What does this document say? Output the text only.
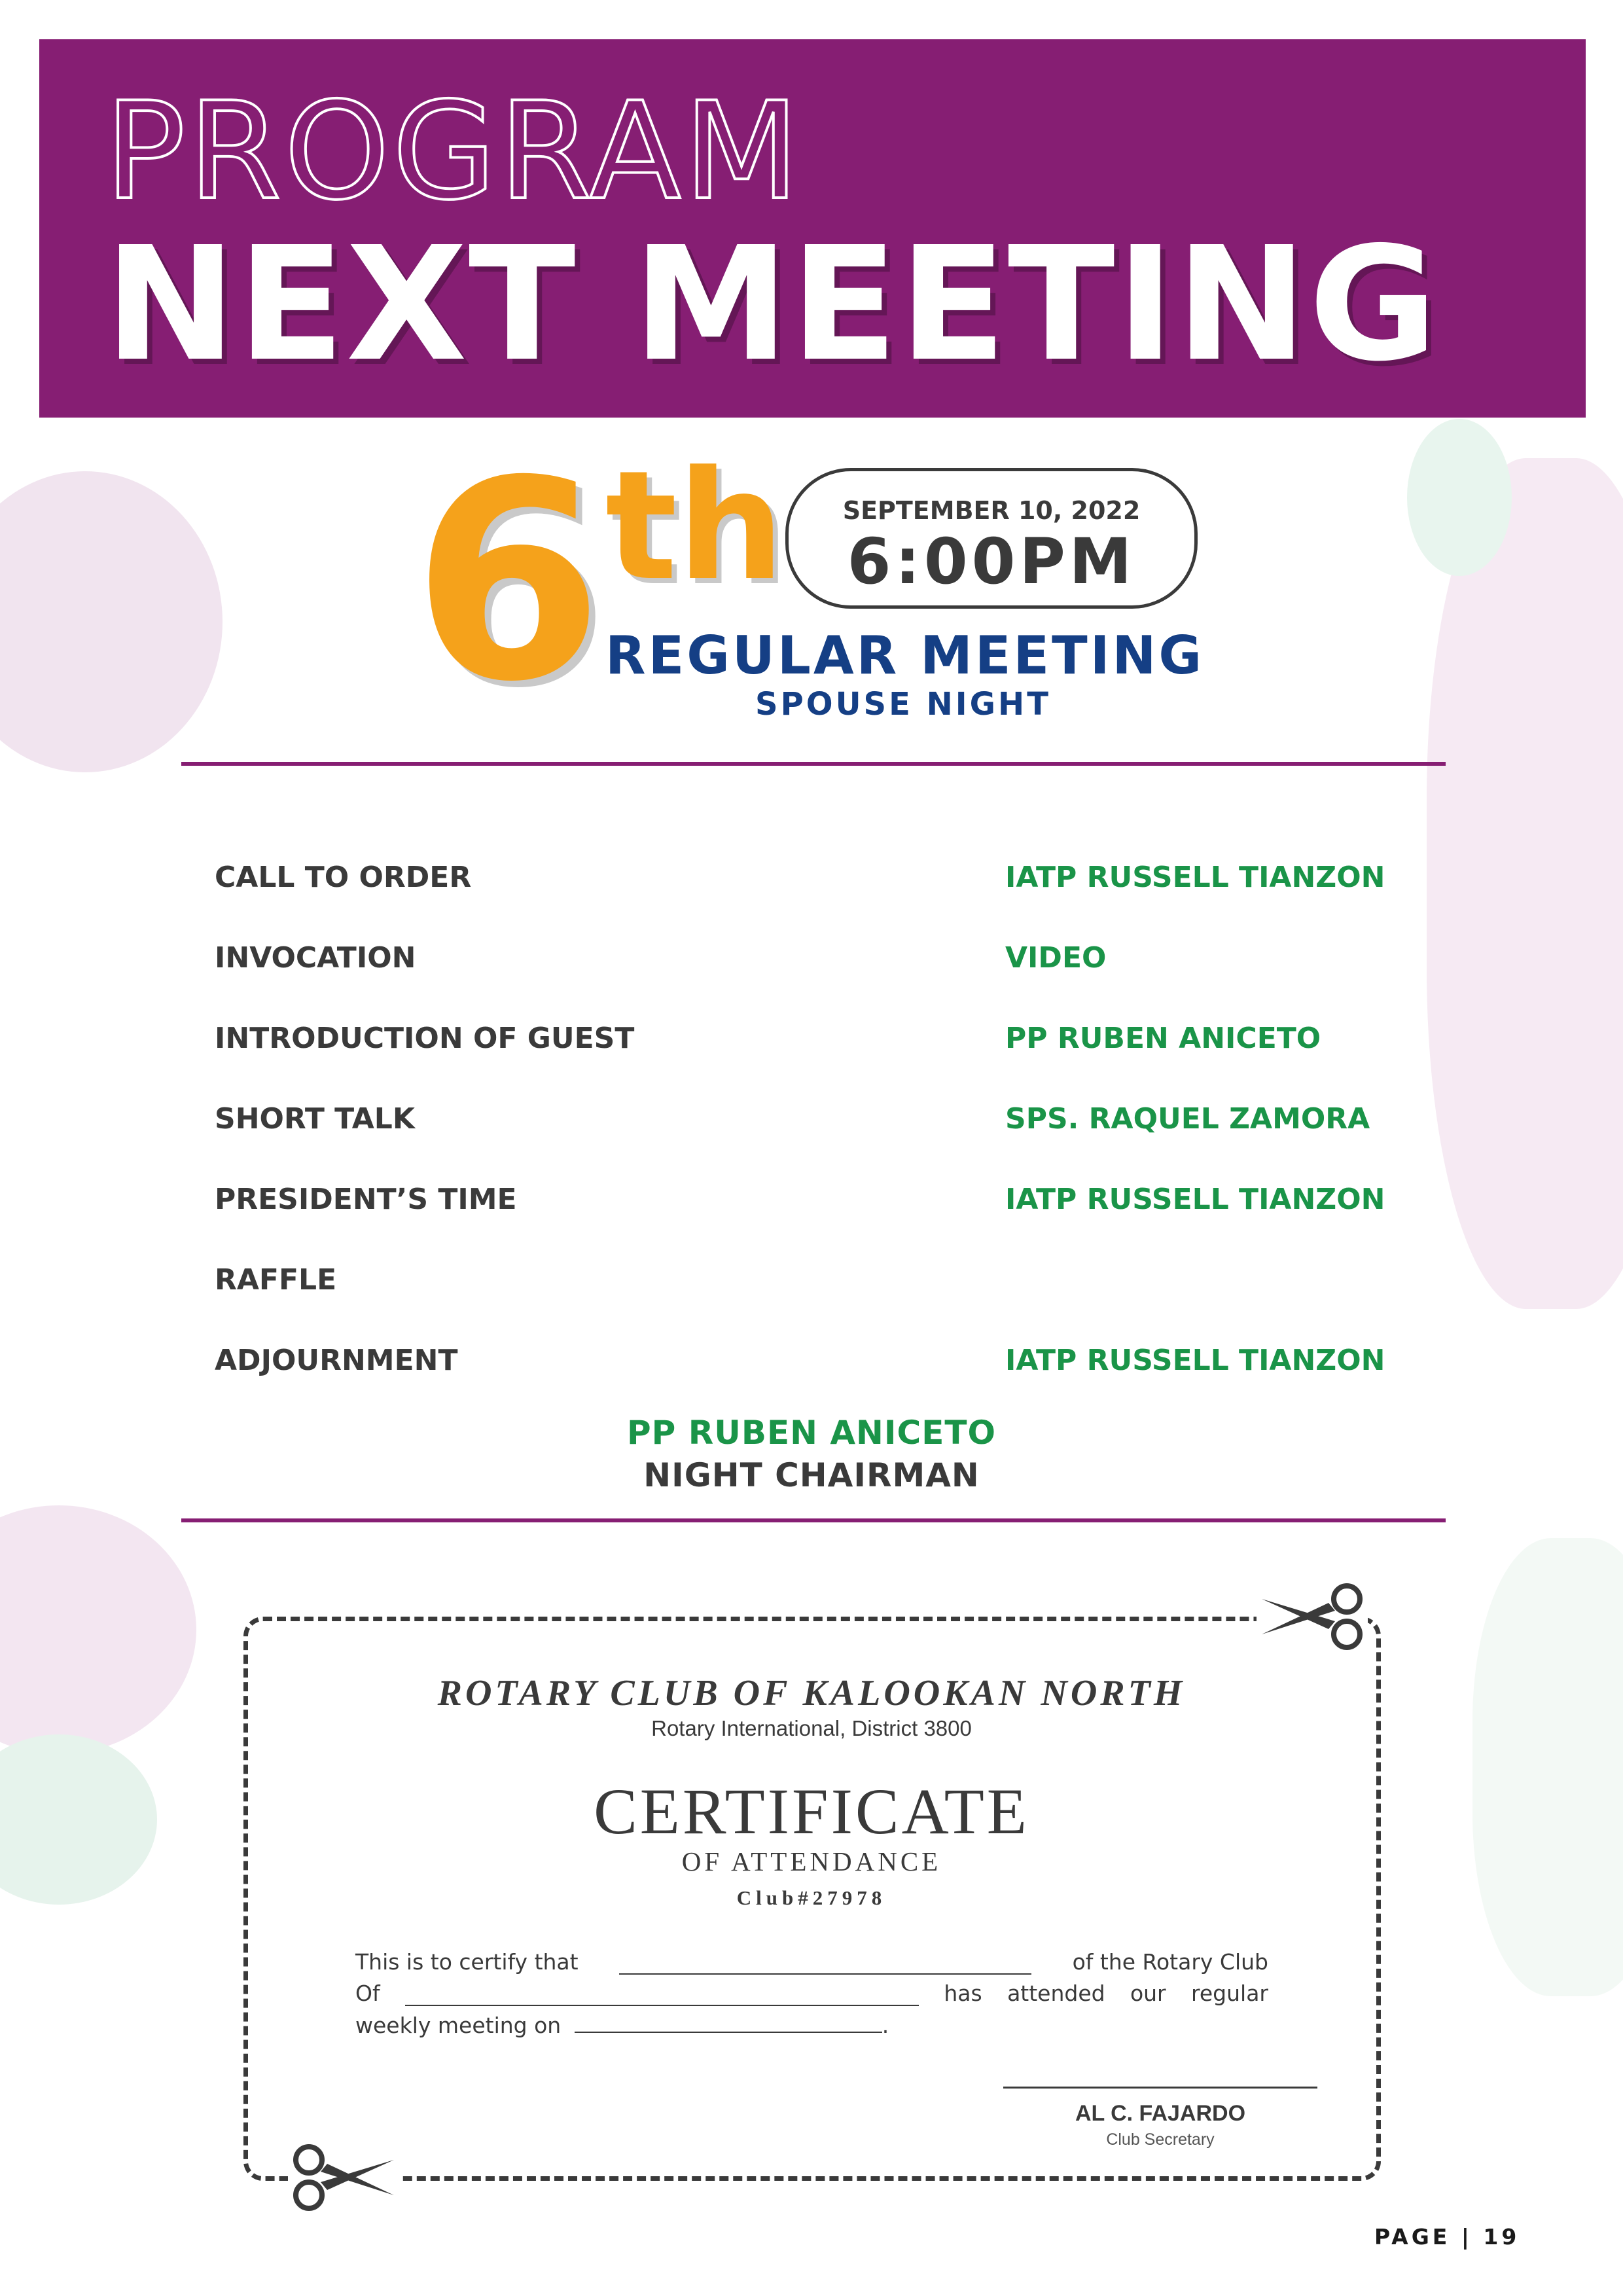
PROGRAM
NEXT MEETING
6 th	SEPTEMBER 10, 2022
6:00PM
REGULAR MEETING
SPOUSE NIGHT
CALL TO ORDER	IATP RUSSELL TIANZON
INVOCATION	VIDEO
INTRODUCTION OF GUEST	PP RUBEN ANICETO
SHORT TALK	SPS. RAQUEL ZAMORA
PRESIDENT’S TIME	IATP RUSSELL TIANZON
RAFFLE
ADJOURNMENT	IATP RUSSELL TIANZON
PP RUBEN ANICETO
NIGHT CHAIRMAN
ROTARY CLUB OF KALOOKAN NORTH
Rotary International, District 3800
CERTIFICATE
OF ATTENDANCE
Club#27978
This is to certify that	of the Rotary Club
Of	has attended our regular
weekly meeting on	.
AL C. FAJARDO
Club Secretary
PAGE | 19
